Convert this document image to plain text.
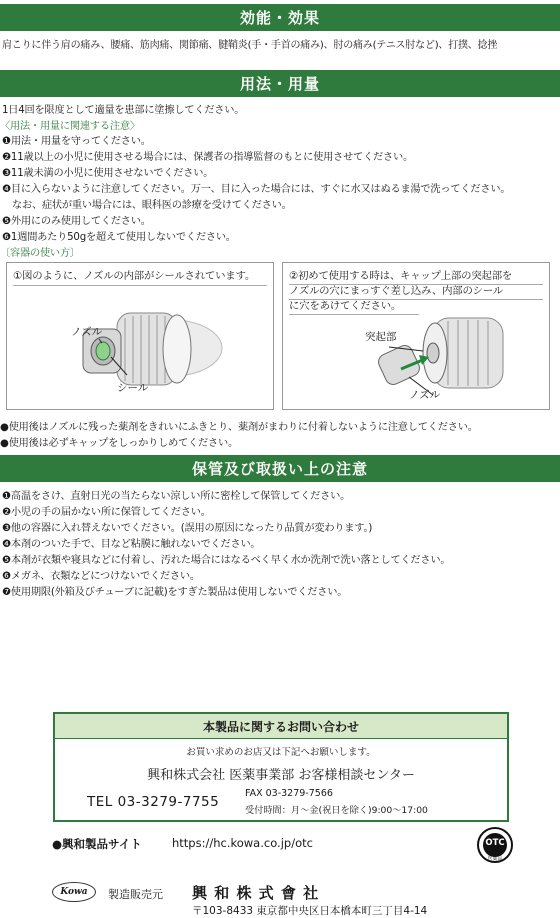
効能・効果
肩こりに伴う肩の痛み、腰痛、筋肉痛、関節痛、腱鞘炎(手・手首の痛み)、肘の痛み(テニス肘など)、打撲、捻挫
用法・用量
1日4回を限度として適量を患部に塗擦してください。
〈用法・用量に関連する注意〉
❶用法・用量を守ってください。
❷11歳以上の小児に使用させる場合には、保護者の指導監督のもとに使用させてください。
❸11歳未満の小児に使用させないでください。
❹目に入らないように注意してください。万一、目に入った場合には、すぐに水又はぬるま湯で洗ってください。
　なお、症状が重い場合には、眼科医の診療を受けてください。
❺外用にのみ使用してください。
❻1週間あたり50gを超えて使用しないでください。
〔容器の使い方〕
①図のように、ノズルの内部がシールされています。
ノズル
シール
②初めて使用する時は、キャップ上部の突起部を
ノズルの穴にまっすぐ差し込み、内部のシール
に穴をあけてください。
突起部
ノズル
●使用後はノズルに残った薬剤をきれいにふきとり、薬剤がまわりに付着しないように注意してください。
●使用後は必ずキャップをしっかりしめてください。
保管及び取扱い上の注意
❶高温をさけ、直射日光の当たらない涼しい所に密栓して保管してください。
❷小児の手の届かない所に保管してください。
❸他の容器に入れ替えないでください。(誤用の原因になったり品質が変わります。)
❹本剤のついた手で、目など粘膜に触れないでください。
❺本剤が衣類や寝具などに付着し、汚れた場合にはなるべく早く水か洗剤で洗い落としてください。
❻メガネ、衣類などにつけないでください。
❼使用期限(外箱及びチューブに記載)をすぎた製品は使用しないでください。
本製品に関するお問い合わせ
お買い求めのお店又は下記へお願いします。
興和株式会社 医薬事業部 お客様相談センター
TEL 03-3279-7755
FAX 03-3279-7566
受付時間：月～金(祝日を除く)9:00～17:00
●興和製品サイト	https://hc.kowa.co.jp/otc	OTC
医薬品
Kowa 製造販売元 興 和 株 式 會 社
〒103-8433 東京都中央区日本橋本町三丁目4-14
